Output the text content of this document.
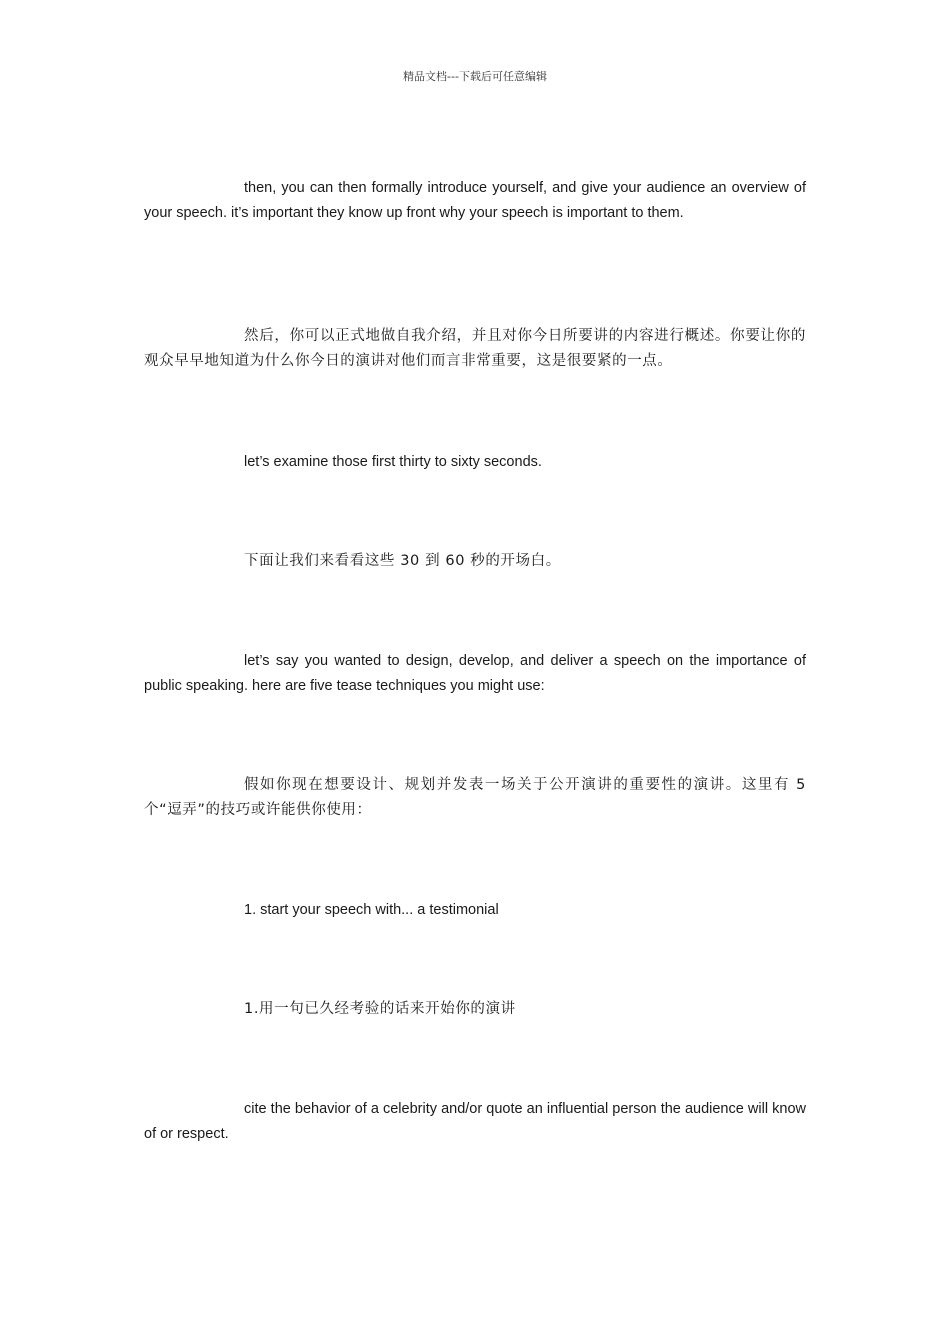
精品文档---下载后可任意编辑

then, you can then formally introduce yourself, and give your audience an overview of your speech. it’s important they know up front why your speech is important to them.

然后，你可以正式地做自我介绍，并且对你今日所要讲的内容进行概述。你要让你的观众早早地知道为什么你今日的演讲对他们而言非常重要，这是很要紧的一点。

let’s examine those first thirty to sixty seconds.

下面让我们来看看这些 30 到 60 秒的开场白。

let’s say you wanted to design, develop, and deliver a speech on the importance of public speaking. here are five tease techniques you might use:

假如你现在想要设计、规划并发表一场关于公开演讲的重要性的演讲。这里有 5 个“逗弄”的技巧或许能供你使用：

1. start your speech with... a testimonial

1.用一句已久经考验的话来开始你的演讲

cite the behavior of a celebrity and/or quote an influential person the audience will know of or respect.
